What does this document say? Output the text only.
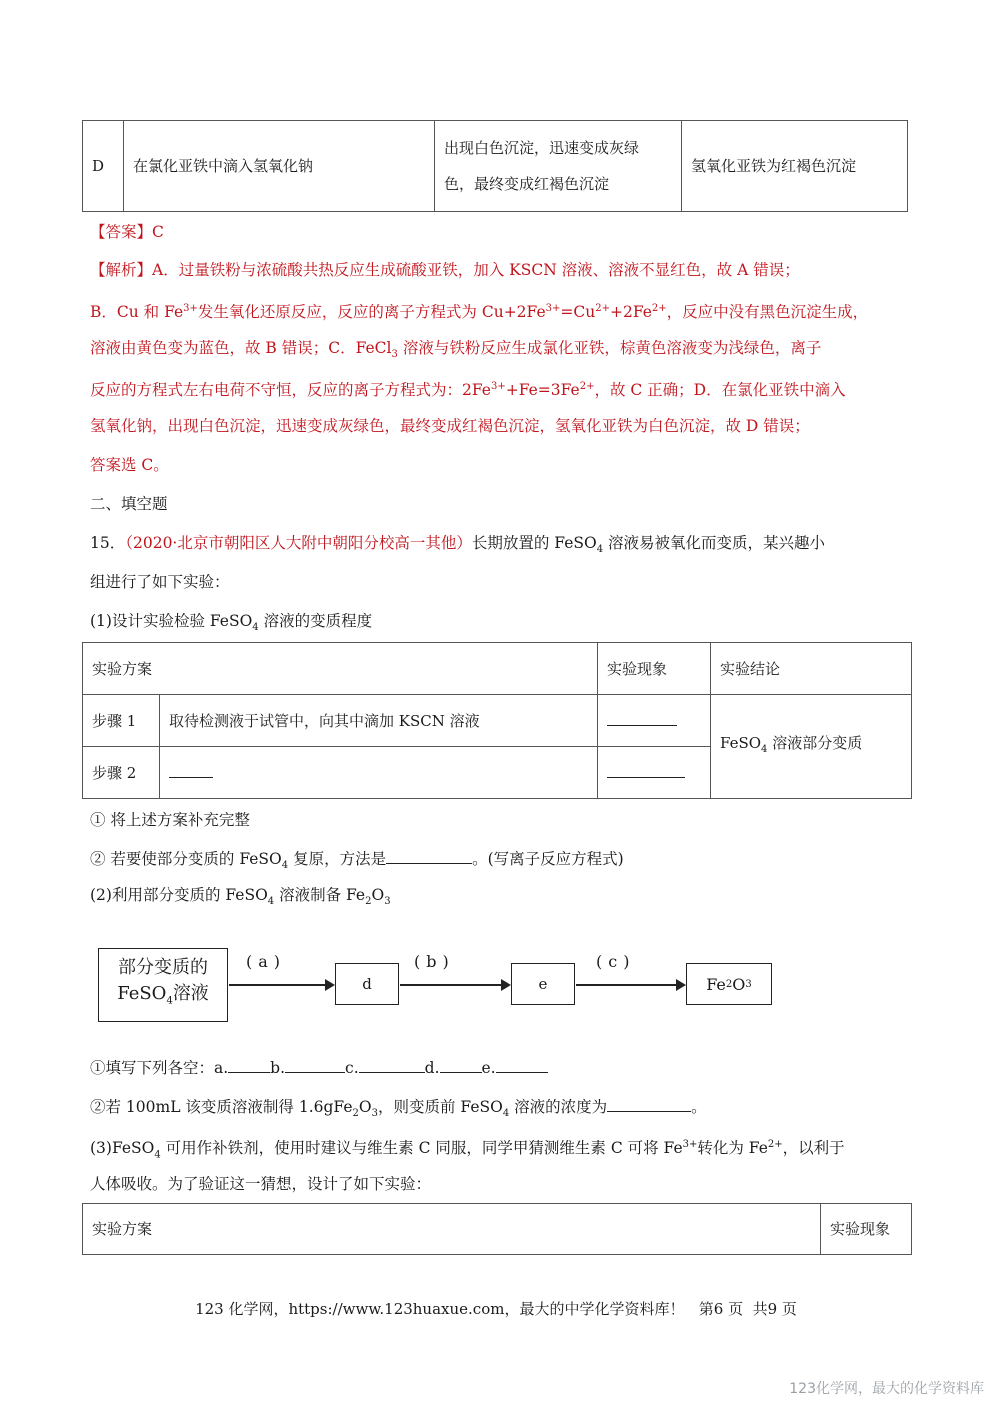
D	在氯化亚铁中滴入氢氧化钠	出现白色沉淀，迅速变成灰绿
色，最终变成红褐色沉淀	氢氧化亚铁为红褐色沉淀
【答案】C
【解析】A．过量铁粉与浓硫酸共热反应生成硫酸亚铁，加入 KSCN 溶液、溶液不显红色，故 A 错误；
B．Cu 和 $Fe^{3+}$发生氧化还原反应，反应的离子方程式为 $Cu+2Fe^{3+}=Cu^{2+}+2Fe^{2+}$，反应中没有黑色沉淀生成，
溶液由黄色变为蓝色，故 B 错误；C．FeCl$_3$ 溶液与铁粉反应生成氯化亚铁，棕黄色溶液变为浅绿色，离子
反应的方程式左右电荷不守恒，反应的离子方程式为：$2Fe^{3+}+Fe=3Fe^{2+}$，故 C 正确；D．在氯化亚铁中滴入
氢氧化钠，出现白色沉淀，迅速变成灰绿色，最终变成红褐色沉淀，氢氧化亚铁为白色沉淀，故 D 错误；
答案选 C。
二、填空题
15．（2020·北京市朝阳区人大附中朝阳分校高一其他）长期放置的 FeSO$_4$ 溶液易被氧化而变质，某兴趣小
组进行了如下实验：
(1)设计实验检验 FeSO$_4$ 溶液的变质程度
实验方案		实验现象	实验结论
步骤 1	取待检测液于试管中，向其中滴加 KSCN 溶液		FeSO$_4$ 溶液部分变质
步骤 2			
① 将上述方案补充完整
② 若要使部分变质的 FeSO$_4$ 复原，方法是	。(写离子反应方程式)
(2)利用部分变质的 FeSO$_4$ 溶液制备 $Fe_2O_3$
部分变质的
FeSO$_4$溶液
(a)
d
(b)
e
(c)
Fe 2 O 3
①填写下列各空：a.	b.	c.	d.	e.
②若 100mL 该变质溶液制得 $1.6gFe_2O_3$，则变质前 FeSO$_4$ 溶液的浓度为	。
(3)FeSO$_4$ 可用作补铁剂，使用时建议与维生素 C 同服，同学甲猜测维生素 C 可将 $Fe^{3+}$转化为 $Fe^{2+}$，以利于
人体吸收。为了验证这一猜想，设计了如下实验：
实验方案	实验现象
123 化学网，https://www.123huaxue.com，最大的中学化学资料库！   第6 页  共9 页
123化学网，最大的化学资料库
